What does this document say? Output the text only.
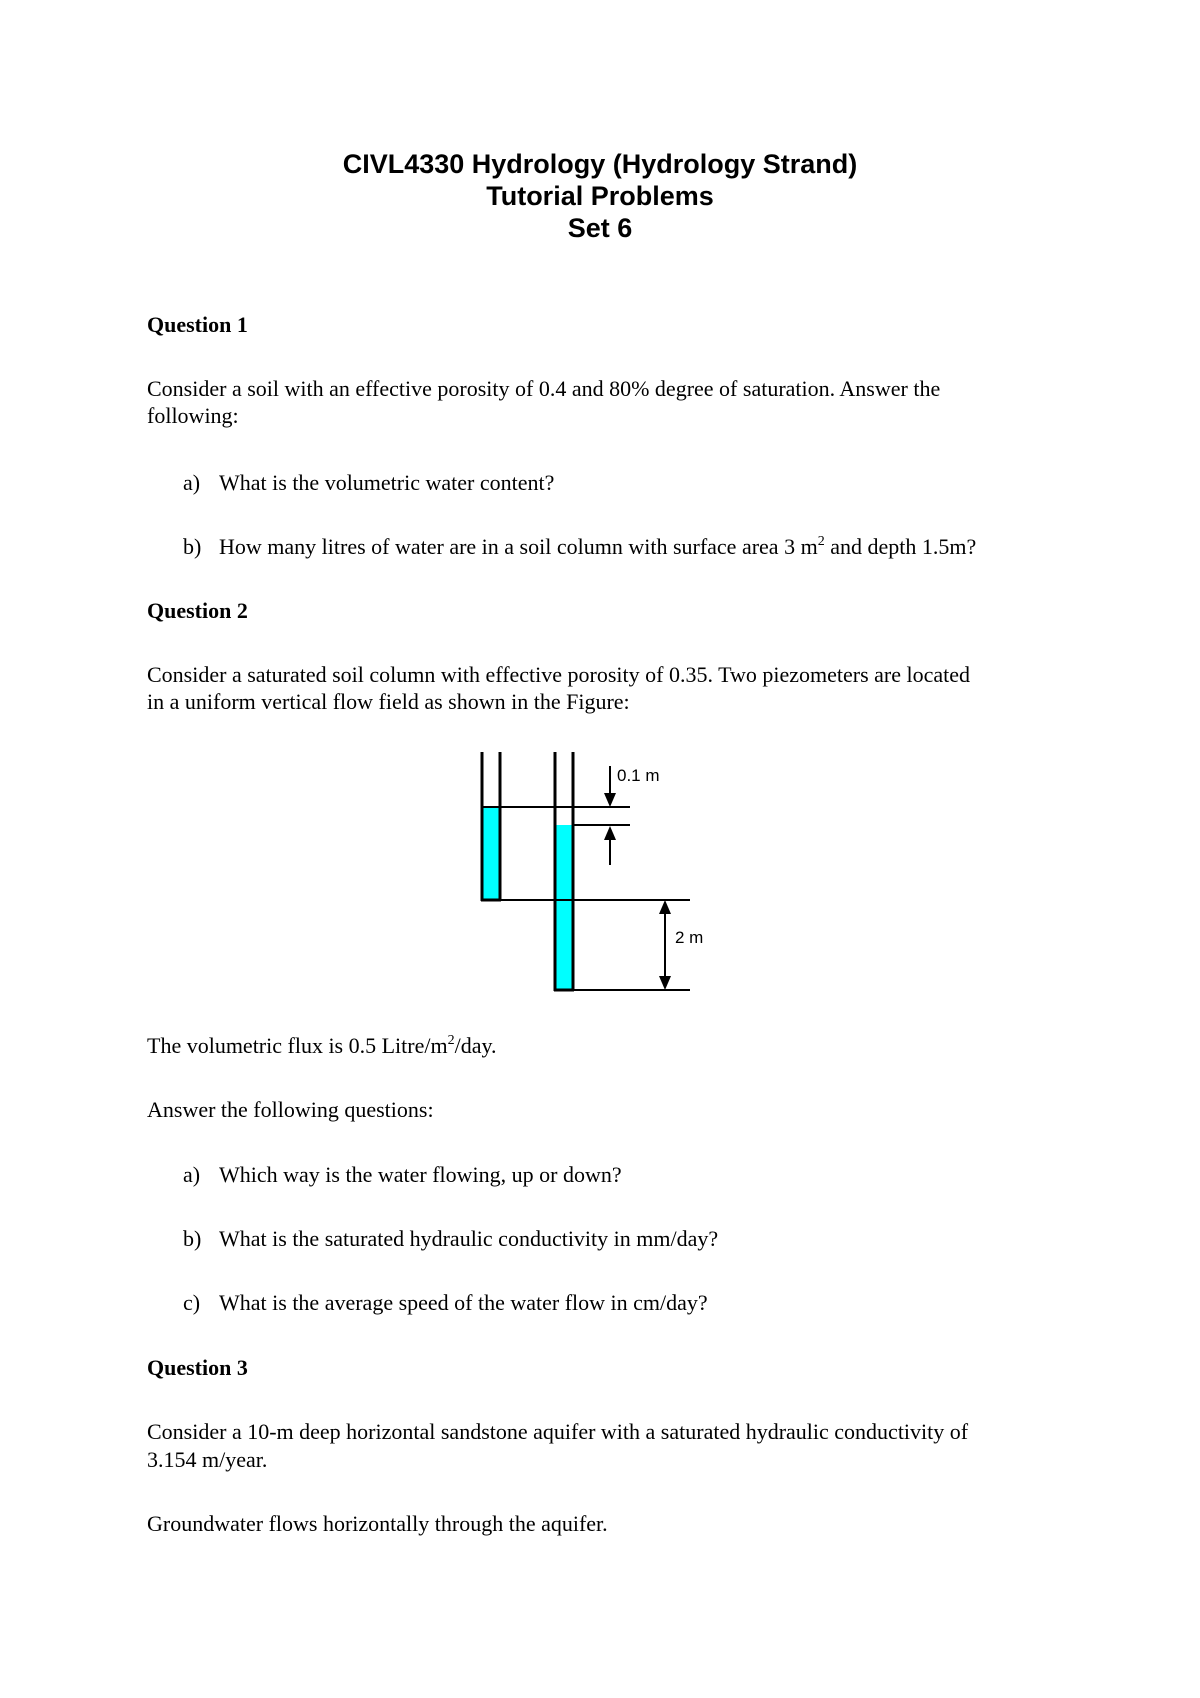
CIVL4330 Hydrology (Hydrology Strand)
Tutorial Problems
Set 6
Question 1
Consider a soil with an effective porosity of 0.4 and 80% degree of saturation. Answer the
following:
a) What is the volumetric water content?
b) How many litres of water are in a soil column with surface area 3 $m^2$ and depth 1.5m?
Question 2
Consider a saturated soil column with effective porosity of 0.35. Two piezometers are located
in a uniform vertical flow field as shown in the Figure:
0.1 m
2 m
The volumetric flux is 0.5 Litre/$m^2$/day.
Answer the following questions:
a) Which way is the water flowing, up or down?
b) What is the saturated hydraulic conductivity in mm/day?
c) What is the average speed of the water flow in cm/day?
Question 3
Consider a 10-m deep horizontal sandstone aquifer with a saturated hydraulic conductivity of
3.154 m/year.
Groundwater flows horizontally through the aquifer.
